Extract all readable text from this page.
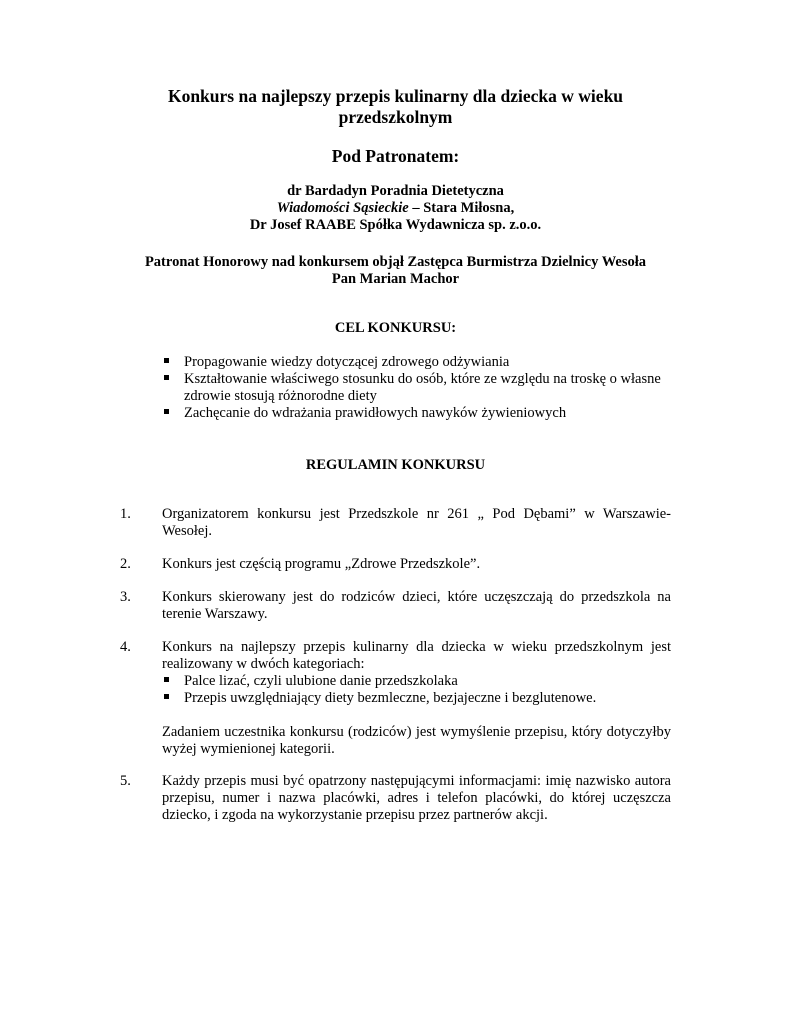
Konkurs na najlepszy przepis kulinarny dla dziecka w wieku
przedszkolnym
Pod Patronatem:
dr Bardadyn Poradnia Dietetyczna
Wiadomości Sąsieckie – Stara Miłosna,
Dr Josef RAABE Spółka Wydawnicza sp. z.o.o.
Patronat Honorowy nad konkursem objął Zastępca Burmistrza Dzielnicy Wesoła
Pan Marian Machor
CEL KONKURSU:
Propagowanie wiedzy dotyczącej zdrowego odżywiania
Kształtowanie właściwego stosunku do osób, które ze względu na troskę o własne zdrowie stosują różnorodne diety
Zachęcanie do wdrażania prawidłowych nawyków żywieniowych
REGULAMIN KONKURSU
1. Organizatorem konkursu jest Przedszkole nr 261 „ Pod Dębami” w Warszawie-Wesołej.
2. Konkurs jest częścią programu „Zdrowe Przedszkole”.
3. Konkurs skierowany jest do rodziców dzieci, które uczęszczają do przedszkola na terenie Warszawy.
4. Konkurs na najlepszy przepis kulinarny dla dziecka w wieku przedszkolnym jest realizowany w dwóch kategoriach:
Palce lizać, czyli ulubione danie przedszkolaka
Przepis uwzględniający diety bezmleczne, bezjajeczne i bezglutenowe.
Zadaniem uczestnika konkursu (rodziców) jest wymyślenie przepisu, który dotyczyłby wyżej wymienionej kategorii.
5. Każdy przepis musi być opatrzony następującymi informacjami: imię nazwisko autora przepisu, numer i nazwa placówki, adres i telefon placówki, do której uczęszcza dziecko, i zgoda na wykorzystanie przepisu przez partnerów akcji.
